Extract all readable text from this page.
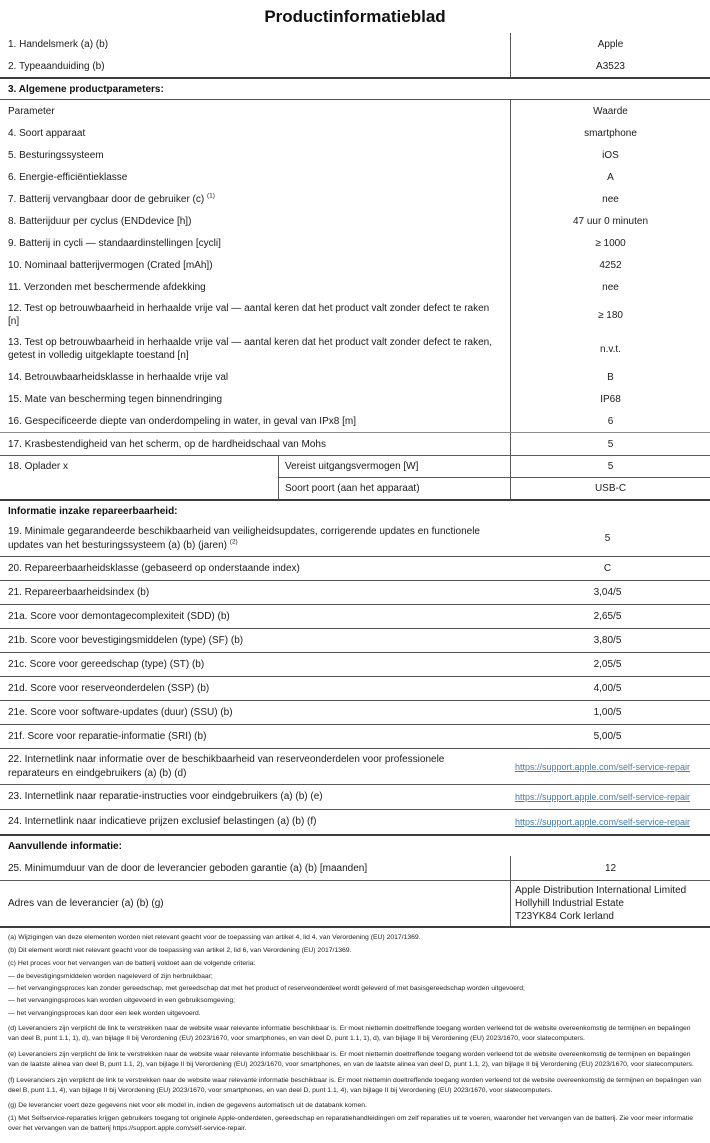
Productinformatieblad
1. Handelsmerk (a) (b)	Apple
2. Typeaanduiding (b)	A3523
3. Algemene productparameters:
Parameter	Waarde
4. Soort apparaat	smartphone
5. Besturingssysteem	iOS
6. Energie-efficiëntieklasse	A
7. Batterij vervangbaar door de gebruiker (c) $^{(1)}$	nee
8. Batterijduur per cyclus (ENDdevice [h])	47 uur 0 minuten
9. Batterij in cycli — standaardinstellingen [cycli]	≥ 1000
10. Nominaal batterijvermogen (Crated [mAh])	4252
11. Verzonden met beschermende afdekking	nee
12. Test op betrouwbaarheid in herhaalde vrije val — aantal keren dat het product valt zonder defect te raken [n]
≥ 180
13. Test op betrouwbaarheid in herhaalde vrije val — aantal keren dat het product valt zonder defect te raken, getest in volledig uitgeklapte toestand [n]
n.v.t.
14. Betrouwbaarheidsklasse in herhaalde vrije val	B
15. Mate van bescherming tegen binnendringing	IP68
16. Gespecificeerde diepte van onderdompeling in water, in geval van IPx8 [m]	6
17. Krasbestendigheid van het scherm, op de hardheidschaal van Mohs	5
18. Oplader x	Vereist uitgangsvermogen [W]	5
Soort poort (aan het apparaat)	USB-C
Informatie inzake repareerbaarheid:
19. Minimale gegarandeerde beschikbaarheid van veiligheidsupdates, corrigerende updates en functionele updates van het besturingssysteem (a) (b) (jaren) $^{(2)}$	5
20. Repareerbaarheidsklasse (gebaseerd op onderstaande index)	C
21. Repareerbaarheidsindex (b)	3,04/5
21a. Score voor demontagecomplexiteit (SDD) (b)	2,65/5
21b. Score voor bevestigingsmiddelen (type) (SF) (b)	3,80/5
21c. Score voor gereedschap (type) (ST) (b)	2,05/5
21d. Score voor reserveonderdelen (SSP) (b)	4,00/5
21e. Score voor software-updates (duur) (SSU) (b)	1,00/5
21f. Score voor reparatie-informatie (SRI) (b)	5,00/5
22. Internetlink naar informatie over de beschikbaarheid van reserveonderdelen voor professionele reparateurs en eindgebruikers (a) (b) (d)
https://support.apple.com/self-service-repair
23. Internetlink naar reparatie-instructies voor eindgebruikers (a) (b) (e)	https://support.apple.com/self-service-repair
24. Internetlink naar indicatieve prijzen exclusief belastingen (a) (b) (f)	https://support.apple.com/self-service-repair
Aanvullende informatie:
25. Minimumduur van de door de leverancier geboden garantie (a) (b) [maanden]	12
Adres van de leverancier (a) (b) (g)
Apple Distribution International Limited
Hollyhill Industrial Estate
T23YK84 Cork Ierland
(a) Wijzigingen van deze elementen worden niet relevant geacht voor de toepassing van artikel 4, lid 4, van Verordening (EU) 2017/1369.
(b) Dit element wordt niet relevant geacht voor de toepassing van artikel 2, lid 6, van Verordening (EU) 2017/1369.
(c) Het proces voor het vervangen van de batterij voldoet aan de volgende criteria:
— de bevestigingsmiddelen worden nageleverd of zijn herbruikbaar;
— het vervangingsproces kan zonder gereedschap, met gereedschap dat met het product of reserveonderdeel wordt geleverd of met basisgereedschap worden uitgevoerd;
— het vervangingsproces kan worden uitgevoerd in een gebruiksomgeving;
— het vervangingsproces kan door een leek worden uitgevoerd.
(d) Leveranciers zijn verplicht de link te verstrekken naar de website waar relevante informatie beschikbaar is. Er moet niettemin doeltreffende toegang worden verleend tot de website overeenkomstig de termijnen en bepalingen van deel B, punt 1.1, 1), d), van bijlage II bij Verordening (EU) 2023/1670, voor smartphones, en van deel D, punt 1.1, 1), d), van bijlage II bij Verordening (EU) 2023/1670, voor slatecomputers.
(e) Leveranciers zijn verplicht de link te verstrekken naar de website waar relevante informatie beschikbaar is. Er moet niettemin doeltreffende toegang worden verleend tot de website overeenkomstig de termijnen en bepalingen van de laatste alinea van deel B, punt 1.1, 2), van bijlage II bij Verordening (EU) 2023/1670, voor smartphones, en van de laatste alinea van deel D, punt 1.1, 2), van bijlage II bij Verordening (EU) 2023/1670, voor slatecomputers.
(f) Leveranciers zijn verplicht de link te verstrekken naar de website waar relevante informatie beschikbaar is. Er moet niettemin doeltreffende toegang worden verleend tot de website overeenkomstig de termijnen en bepalingen van deel B, punt 1.1, 4), van bijlage II bij Verordening (EU) 2023/1670, voor smartphones, en van deel D, punt 1.1, 4), van bijlage II bij Verordening (EU) 2023/1670, voor slatecomputers.
(g) De leverancier voert deze gegevens niet voor elk model in, indien de gegevens automatisch uit de databank komen.
(1) Met Selfservice-reparaties krijgen gebruikers toegang tot originele Apple-onderdelen, gereedschap en reparatiehandleidingen om zelf reparaties uit te voeren, waaronder het vervangen van de batterij. Zie voor meer informatie over het vervangen van de batterij https://support.apple.com/self-service-repair.
